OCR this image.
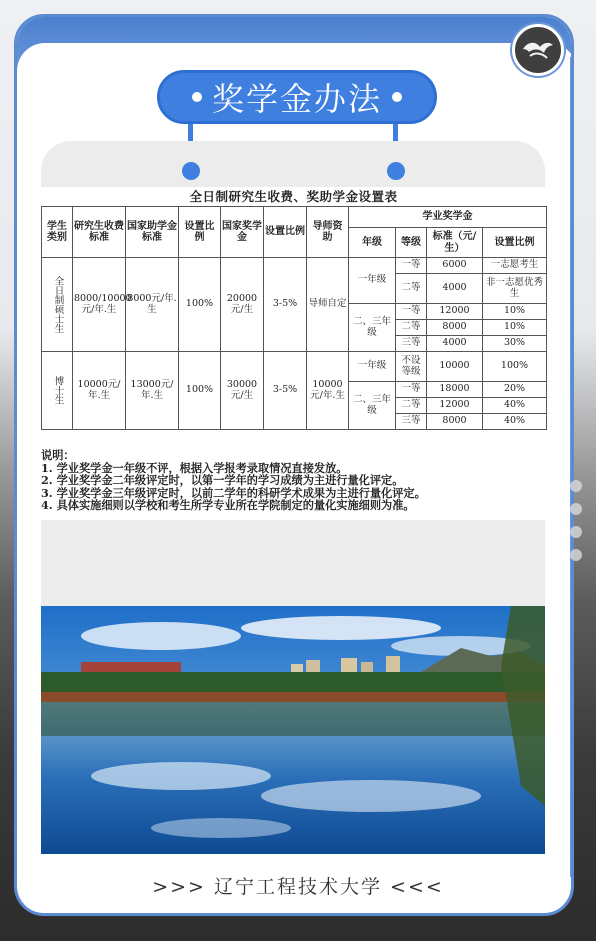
奖学金办法
全日制研究生收费、奖助学金设置表
学生类别	研究生收费标准	国家助学金标准	设置比例	国家奖学金	设置比例	导师资助	学业奖学金			
							年级	等级	标准（元/生）	设置比例
全日制硕士生	8000/10000元/年.生	8000元/年.生	100%	20000元/生	3-5%	导师自定	一年级	一等	6000	一志愿考生
								二等	4000	非一志愿优秀生
							二、三年级	一等	12000	10%
								二等	8000	10%
								三等	4000	30%
博士生	10000元/年.生	13000元/年.生	100%	30000元/生	3-5%	10000元/年.生	一年级	不设等级	10000	100%
							二、三年级	一等	18000	20%
								二等	12000	40%
								三等	8000	40%
说明：
1. 学业奖学金一年级不评，根据入学报考录取情况直接发放。
2. 学业奖学金二年级评定时，以第一学年的学习成绩为主进行量化评定。
3. 学业奖学金三年级评定时，以前二学年的科研学术成果为主进行量化评定。
4. 具体实施细则以学校和考生所学专业所在学院制定的量化实施细则为准。
>>> 辽宁工程技术大学 <<<
